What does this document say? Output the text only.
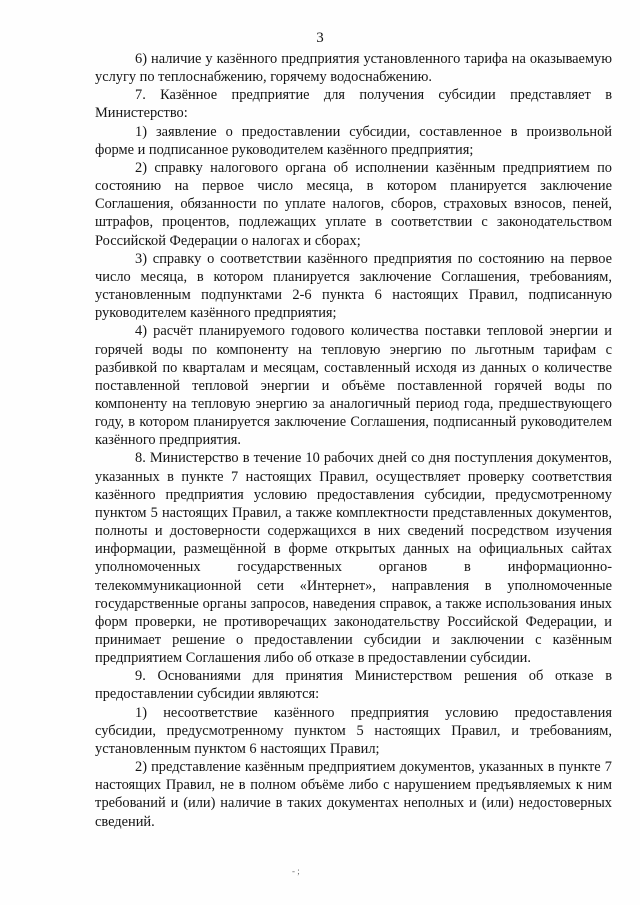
3

6) наличие у казённого предприятия установленного тарифа на оказываемую услугу по теплоснабжению, горячему водоснабжению.

7. Казённое предприятие для получения субсидии представляет в Министерство:

1) заявление о предоставлении субсидии, составленное в произвольной форме и подписанное руководителем казённого предприятия;

2) справку налогового органа об исполнении казённым предприятием по состоянию на первое число месяца, в котором планируется заключение Соглашения, обязанности по уплате налогов, сборов, страховых взносов, пеней, штрафов, процентов, подлежащих уплате в соответствии с законодательством Российской Федерации о налогах и сборах;

3) справку о соответствии казённого предприятия по состоянию на первое число месяца, в котором планируется заключение Соглашения, требованиям, установленным подпунктами 2-6 пункта 6 настоящих Правил, подписанную руководителем казённого предприятия;

4) расчёт планируемого годового количества поставки тепловой энергии и горячей воды по компоненту на тепловую энергию по льготным тарифам с разбивкой по кварталам и месяцам, составленный исходя из данных о количестве поставленной тепловой энергии и объёме поставленной горячей воды по компоненту на тепловую энергию за аналогичный период года, предшествующего году, в котором планируется заключение Соглашения, подписанный руководителем казённого предприятия.

8. Министерство в течение 10 рабочих дней со дня поступления документов, указанных в пункте 7 настоящих Правил, осуществляет проверку соответствия казённого предприятия условию предоставления субсидии, предусмотренному пунктом 5 настоящих Правил, а также комплектности представленных документов, полноты и достоверности содержащихся в них сведений посредством изучения информации, размещённой в форме открытых данных на официальных сайтах уполномоченных государственных органов в информационно-телекоммуникационной сети «Интернет», направления в уполномоченные государственные органы запросов, наведения справок, а также использования иных форм проверки, не противоречащих законодательству Российской Федерации, и принимает решение о предоставлении субсидии и заключении с казённым предприятием Соглашения либо об отказе в предоставлении субсидии.

9. Основаниями для принятия Министерством решения об отказе в предоставлении субсидии являются:

1) несоответствие казённого предприятия условию предоставления субсидии, предусмотренному пунктом 5 настоящих Правил, и требованиям, установленным пунктом 6 настоящих Правил;

2) представление казённым предприятием документов, указанных в пункте 7 настоящих Правил, не в полном объёме либо с нарушением предъявляемых к ним требований и (или) наличие в таких документах неполных и (или) недостоверных сведений.

- ;
